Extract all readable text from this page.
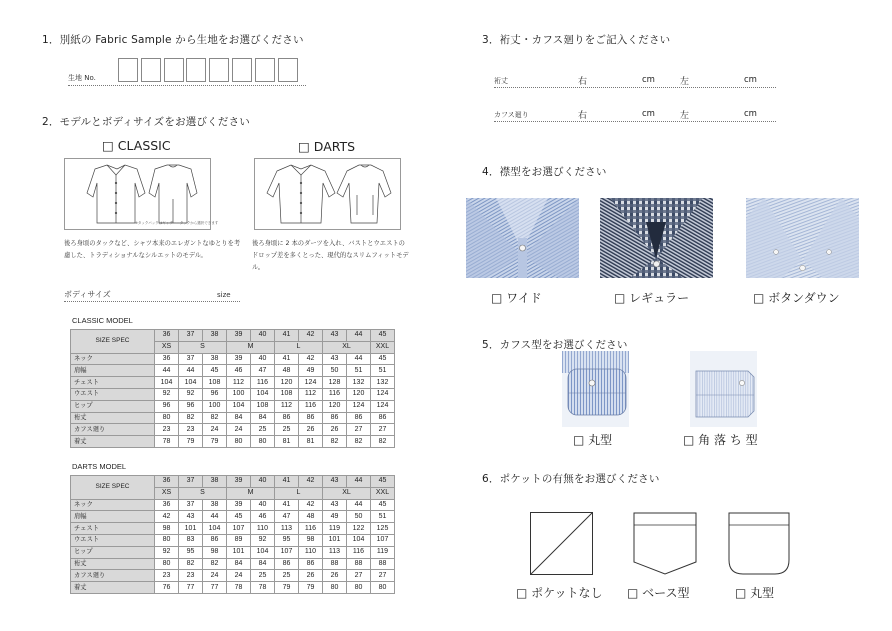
1．別紙の Fabric Sample から生地をお選びください
生地 No.
2．モデルとボディサイズをお選びください
□ CLASSIC	□ DARTS
※タックバックはギャザー・タックから選択できます
後ろ身頃のタックなど、シャツ本来のエレガントなゆとりを考慮した、トラディショナルなシルエットのモデル。
後ろ身頃に 2 本のダーツを入れ、バストとウエストのドロップ差を多くとった、現代的なスリムフィットモデル。
ボディサイズ	size
CLASSIC MODEL
SIZE SPEC	36	37	38	39	40	41	42	43	44	45
	XS	S		M		L		XL		XXL
ネック	36	37	38	39	40	41	42	43	44	45
肩幅	44	44	45	46	47	48	49	50	51	51
チェスト	104	104	108	112	116	120	124	128	132	132
ウエスト	92	92	96	100	104	108	112	116	120	124
ヒップ	96	96	100	104	108	112	116	120	124	124
裄丈	80	82	82	84	84	86	86	86	86	86
カフス廻り	23	23	24	24	25	25	26	26	27	27
着丈	78	79	79	80	80	81	81	82	82	82
DARTS MODEL
SIZE SPEC	36	37	38	39	40	41	42	43	44	45
	XS	S		M		L		XL		XXL
ネック	36	37	38	39	40	41	42	43	44	45
肩幅	42	43	44	45	46	47	48	49	50	51
チェスト	98	101	104	107	110	113	116	119	122	125
ウエスト	80	83	86	89	92	95	98	101	104	107
ヒップ	92	95	98	101	104	107	110	113	116	119
裄丈	80	82	82	84	84	86	86	88	88	88
カフス廻り	23	23	24	24	25	25	26	26	27	27
着丈	76	77	77	78	78	79	79	80	80	80
3．裄丈・カフス廻りをご記入ください
裄丈	右	cm	左	cm
カフス廻り	右	cm	左	cm
4．襟型をお選びください
□ ワイド	□ レギュラー	□ ボタンダウン
5．カフス型をお選びください
□ 丸型	□ 角 落 ち 型
6．ポケットの有無をお選びください
□ ポケットなし □ ベース型	□ 丸型
